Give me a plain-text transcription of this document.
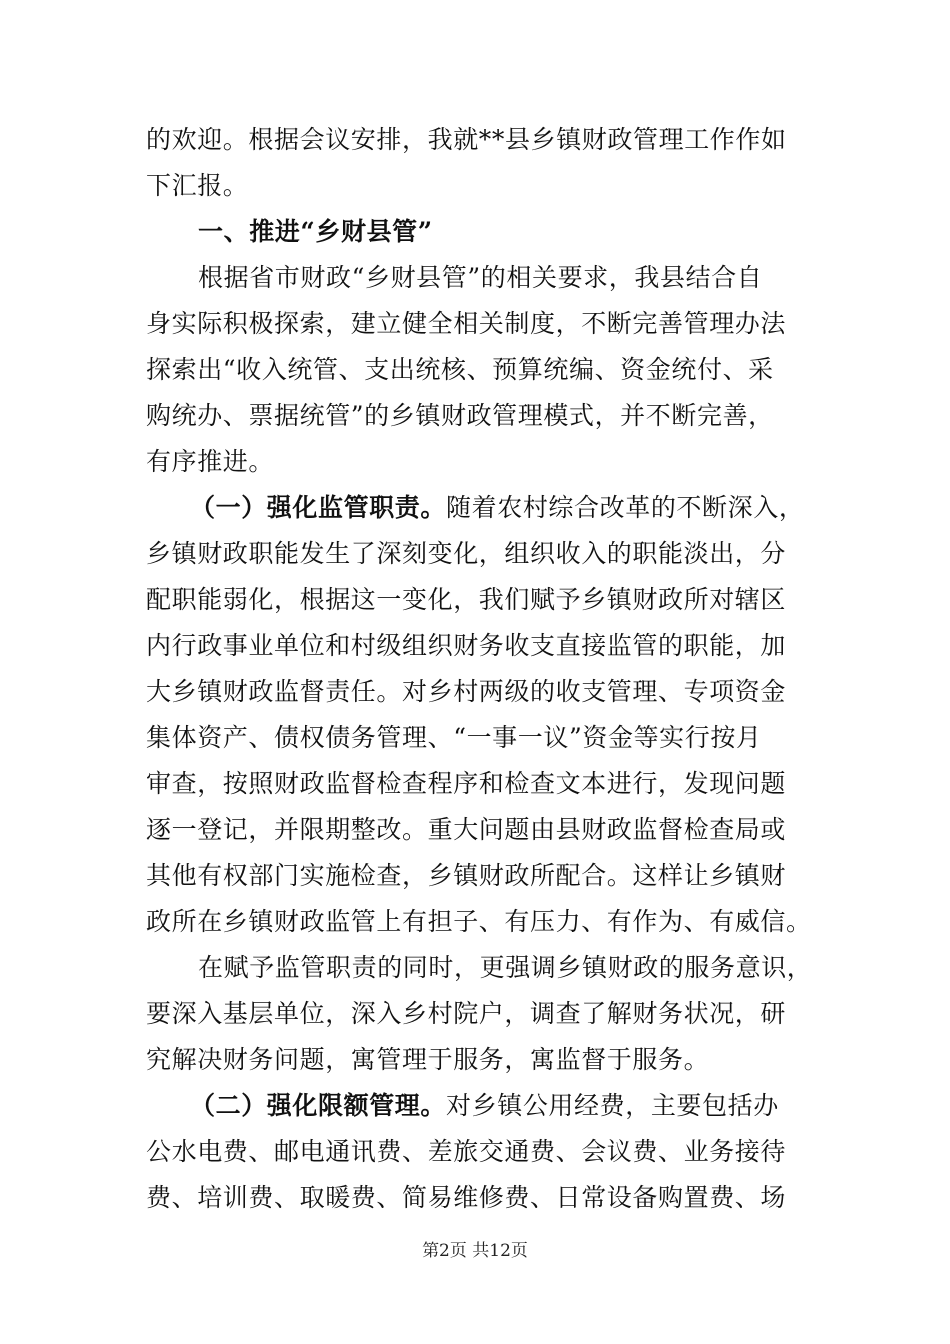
的欢迎。根据会议安排，我就**县乡镇财政管理工作作如
下汇报。
一、推进“乡财县管”
根据省市财政“乡财县管”的相关要求，我县结合自
身实际积极探索，建立健全相关制度，不断完善管理办法
探索出“收入统管、支出统核、预算统编、资金统付、采
购统办、票据统管”的乡镇财政管理模式，并不断完善，
有序推进。
（一）强化监管职责。随着农村综合改革的不断深入，
乡镇财政职能发生了深刻变化，组织收入的职能淡出，分
配职能弱化，根据这一变化，我们赋予乡镇财政所对辖区
内行政事业单位和村级组织财务收支直接监管的职能，加
大乡镇财政监督责任。对乡村两级的收支管理、专项资金
集体资产、债权债务管理、“一事一议”资金等实行按月
审查，按照财政监督检查程序和检查文本进行，发现问题
逐一登记，并限期整改。重大问题由县财政监督检查局或
其他有权部门实施检查，乡镇财政所配合。这样让乡镇财
政所在乡镇财政监管上有担子、有压力、有作为、有威信。
在赋予监管职责的同时，更强调乡镇财政的服务意识，
要深入基层单位，深入乡村院户，调查了解财务状况，研
究解决财务问题，寓管理于服务，寓监督于服务。
（二）强化限额管理。对乡镇公用经费，主要包括办
公水电费、邮电通讯费、差旅交通费、会议费、业务接待
费、培训费、取暖费、简易维修费、日常设备购置费、场
第2页 共12页
